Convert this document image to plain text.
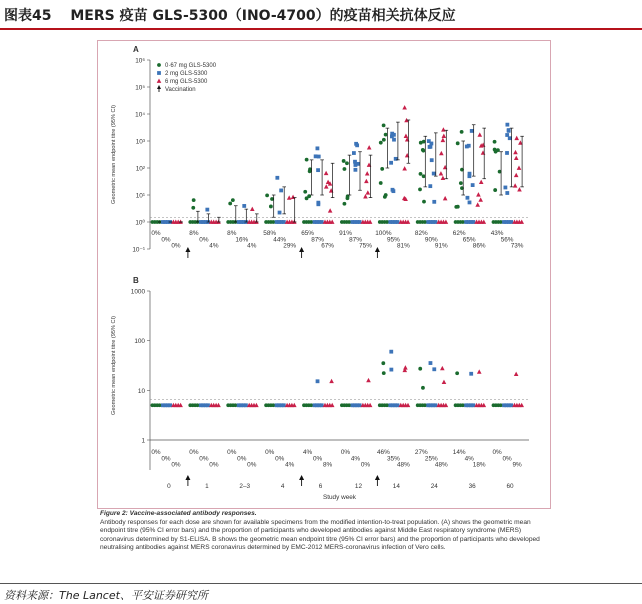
图表45 　MERS 疫苗 GLS-5300（INO-4700）的疫苗相关抗体反应
A
10⁻¹
10⁰
10¹
10²
10³
10⁴
10⁵
10⁶
Geometric mean endpoint titre (95% CI)
0%	8%	8%	58%	65%	91%	100%	82%	62%	43%
0%	0%	16%	44%	87%	87%	95%	90%	65%	56%
0%	4%	4%	29%	67%	75%	81%	91%	86%	73%
B
1
10
100
1000
Geometric mean endpoint titre (95% CI)
0%	0%	0%	0%	4%	0%	46%	27%	14%	0%
0%	0%	0%	0%	0%	4%	35%	25%	4%	0%
0%	0%	0%	4%	8%	0%	48%	48%	18%	9%
0	1	2–3	4	6	12	14	24	36	60
Study week
0·67 mg GLS-5300
2 mg GLS-5300
6 mg GLS-5300
Vaccination
Figure 2: Vaccine-associated antibody responses.
Antibody responses for each dose are shown for available specimens from the modified intention-to-treat population. (A) shows the geometric mean endpoint titre (95% CI error bars) and the proportion of participants who developed antibodies against Middle East respiratory syndrome (MERS) coronavirus determined by S1-ELISA. B shows the geometric mean endpoint titre (95% CI error bars) and the proportion of participants who developed neutralising antibodies against MERS coronavirus determined by EMC-2012 MERS-coronavirus infection of Vero cells.
资料来源：The Lancet、平安证券研究所
